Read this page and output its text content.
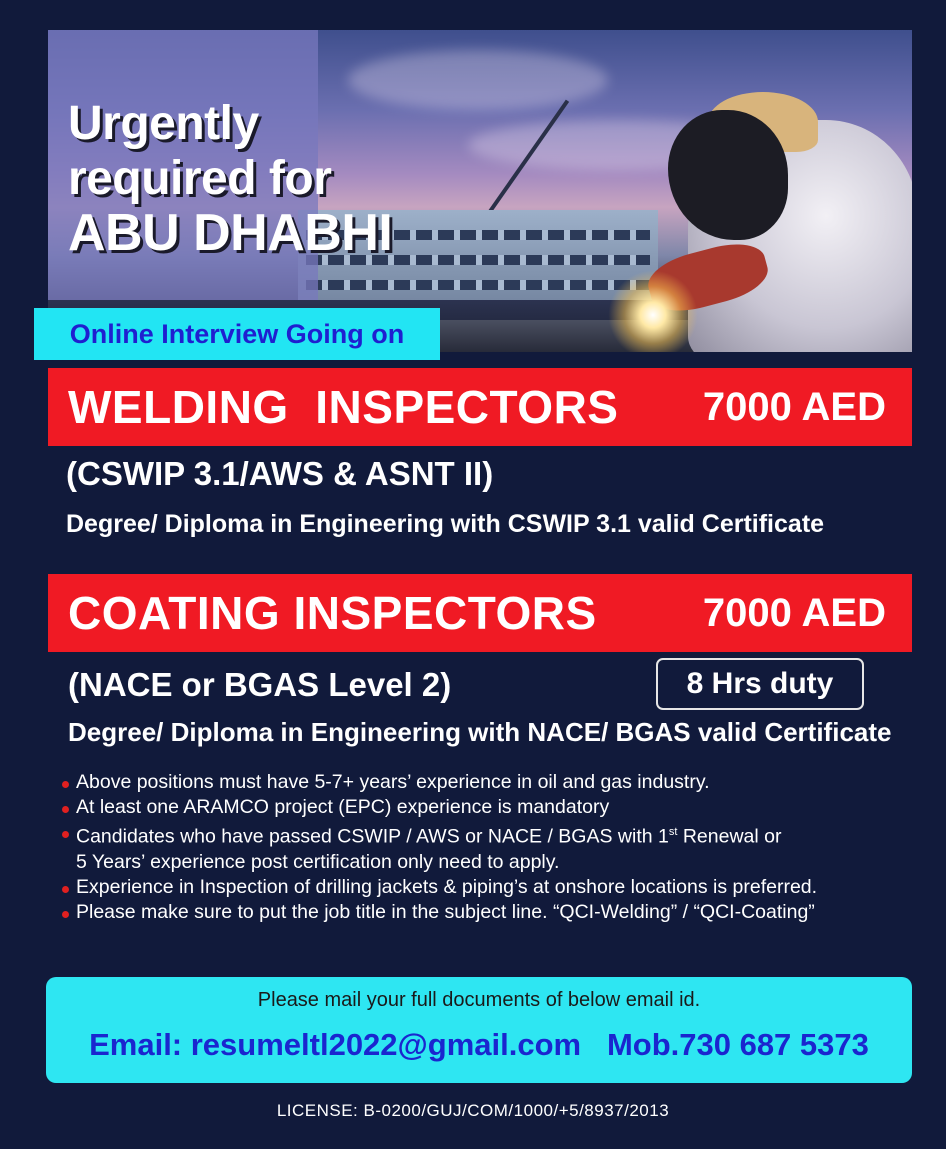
Urgently
required for
ABU DHABHI
Online Interview Going on
WELDING  INSPECTORS 7000 AED
(CSWIP 3.1/AWS & ASNT II)
Degree/ Diploma in Engineering with CSWIP 3.1 valid Certificate
COATING INSPECTORS	7000 AED
(NACE or BGAS Level 2)	8 Hrs duty
Degree/ Diploma in Engineering with NACE/ BGAS valid Certificate
Above positions must have 5-7+ years’ experience in oil and gas industry.
At least one ARAMCO project (EPC) experience is mandatory
Candidates who have passed CSWIP / AWS or NACE / BGAS with 1st Renewal or
5 Years’ experience post certification only need to apply.
Experience in Inspection of drilling jackets & piping’s at onshore locations is preferred.
Please make sure to put the job title in the subject line. “QCI-Welding” / “QCI-Coating”
Please mail your full documents of below email id.
Email: resumeltl2022@gmail.com Mob.730 687 5373
LICENSE: B-0200/GUJ/COM/1000/+5/8937/2013
